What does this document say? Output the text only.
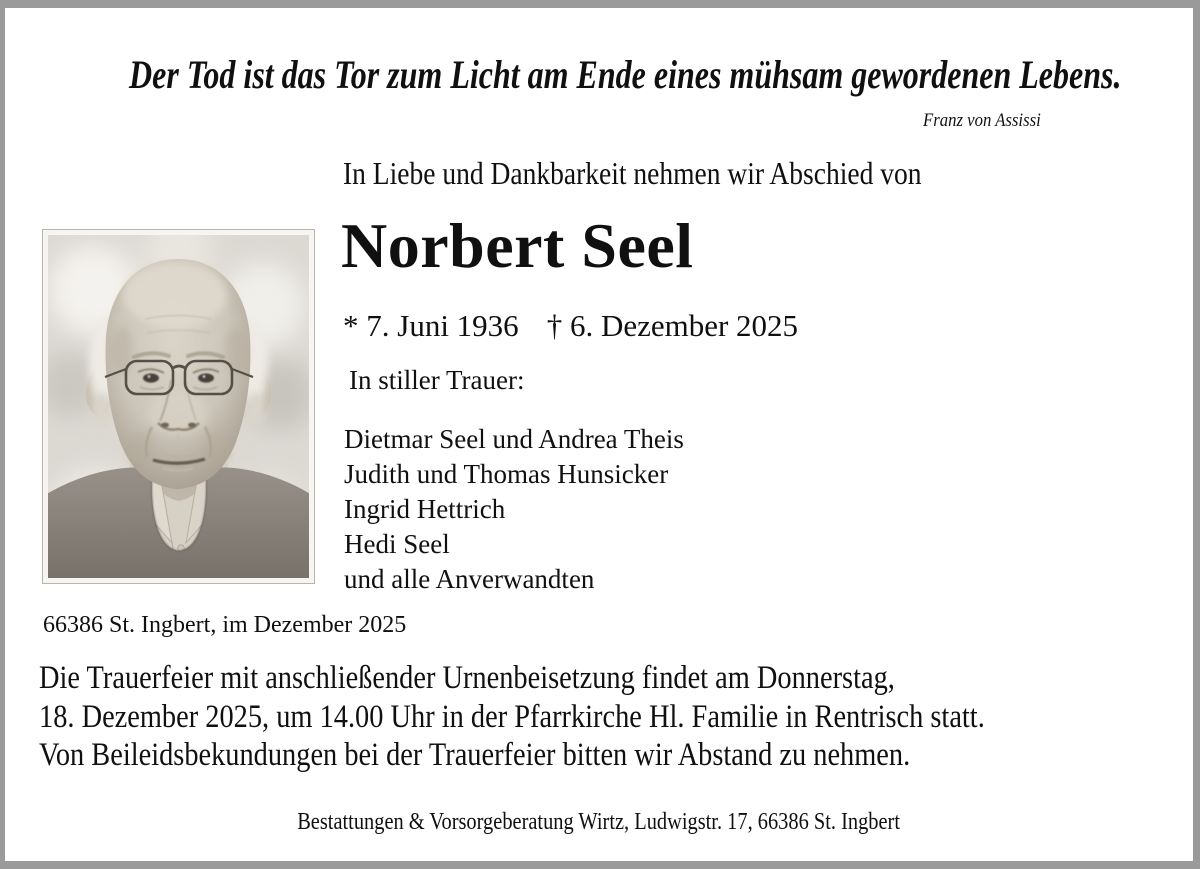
Der Tod ist das Tor zum Licht am Ende eines mühsam gewordenen Lebens.
Franz von Assissi
In Liebe und Dankbarkeit nehmen wir Abschied von
Norbert Seel
* 7. Juni 1936 † 6. Dezember 2025
In stiller Trauer:
Dietmar Seel und Andrea Theis
Judith und Thomas Hunsicker
Ingrid Hettrich
Hedi Seel
und alle Anverwandten
66386 St. Ingbert, im Dezember 2025
Die Trauerfeier mit anschließender Urnenbeisetzung findet am Donnerstag,
18. Dezember 2025, um 14.00 Uhr in der Pfarrkirche Hl. Familie in Rentrisch statt.
Von Beileidsbekundungen bei der Trauerfeier bitten wir Abstand zu nehmen.
Bestattungen & Vorsorgeberatung Wirtz, Ludwigstr. 17, 66386 St. Ingbert
